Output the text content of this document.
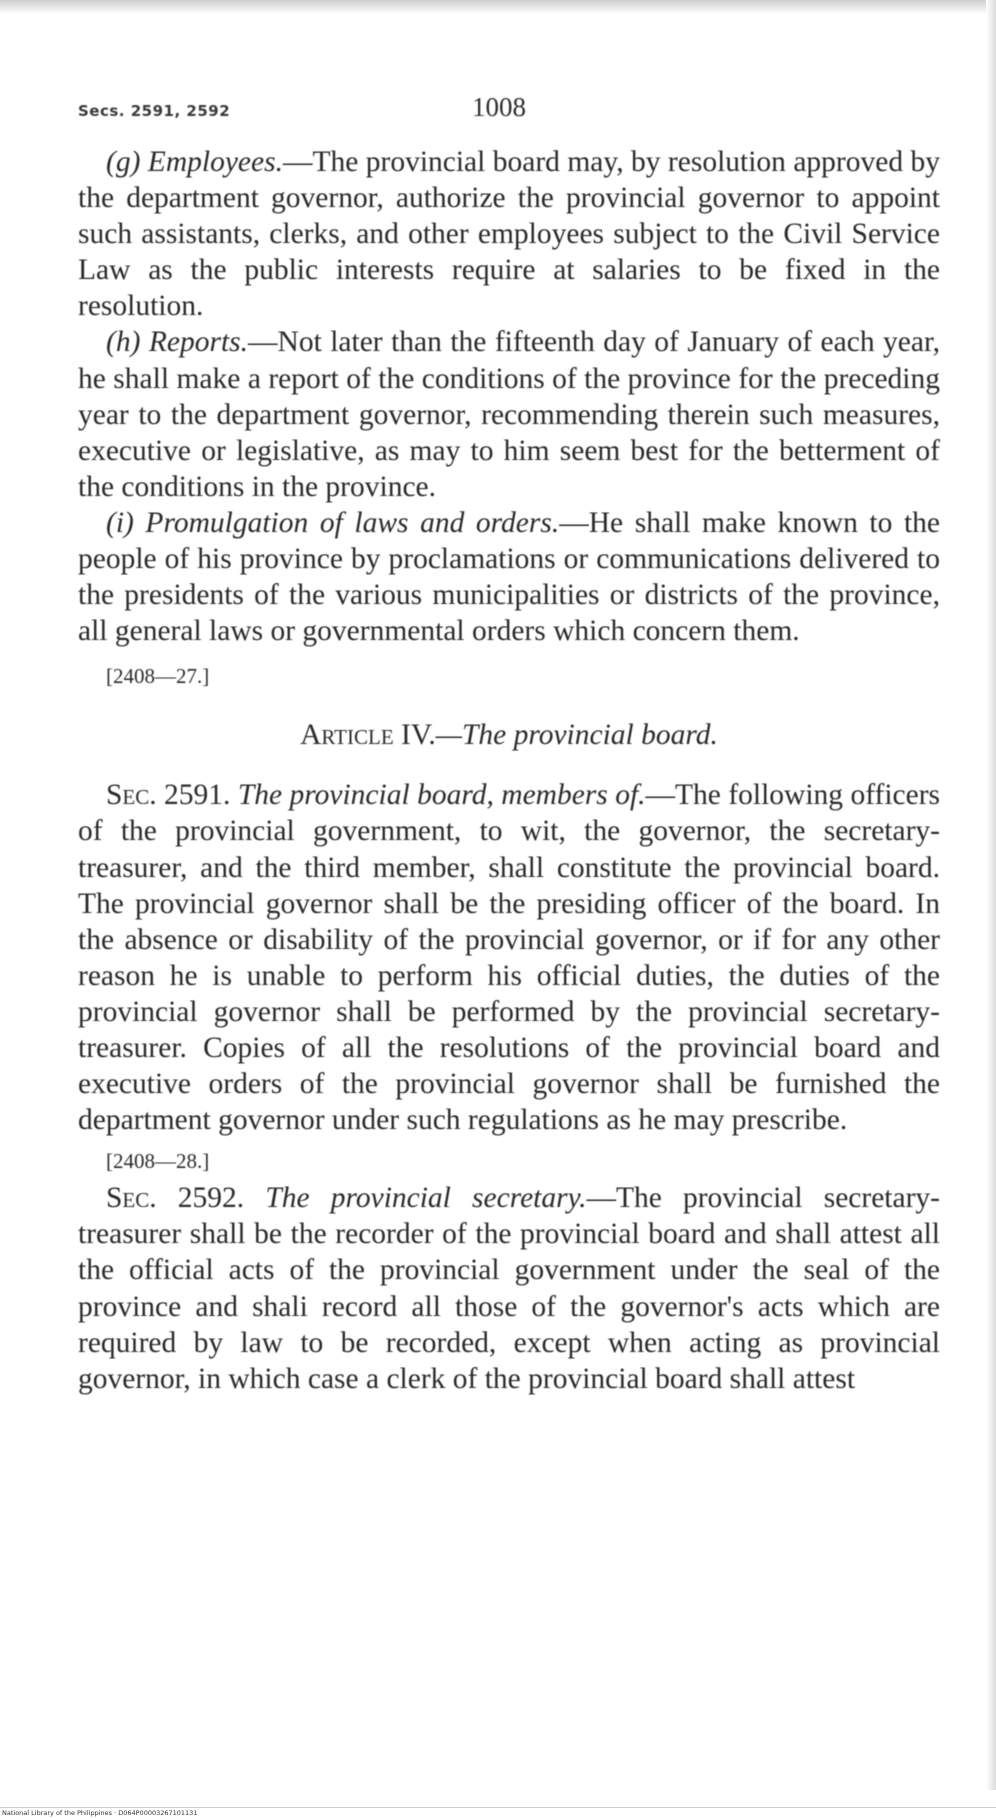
Secs. 2591, 2592	1008

(g) Employees.—The provincial board may, by resolution approved by the department governor, authorize the provincial governor to appoint such assistants, clerks, and other employees subject to the Civil Service Law as the public interests require at salaries to be fixed in the resolution.

(h) Reports.—Not later than the fifteenth day of January of each year, he shall make a report of the conditions of the province for the preceding year to the department governor, recommending therein such measures, executive or legislative, as may to him seem best for the betterment of the conditions in the province.

(i) Promulgation of laws and orders.—He shall make known to the people of his province by proclamations or communications delivered to the presidents of the various municipalities or districts of the province, all general laws or governmental orders which concern them.

[2408—27.]
Article IV.—The provincial board.

Sec. 2591. The provincial board, members of.—The following officers of the provincial government, to wit, the governor, the secretary-treasurer, and the third member, shall constitute the provincial board. The provincial governor shall be the presiding officer of the board. In the absence or disability of the provincial governor, or if for any other reason he is unable to perform his official duties, the duties of the provincial governor shall be performed by the provincial secretary-treasurer. Copies of all the resolutions of the provincial board and executive orders of the provincial governor shall be furnished the department governor under such regulations as he may prescribe.

[2408—28.]

Sec. 2592. The provincial secretary.—The provincial secretary-treasurer shall be the recorder of the provincial board and shall attest all the official acts of the provincial government under the seal of the province and shali record all those of the governor's acts which are required by law to be recorded, except when acting as provincial governor, in which case a clerk of the provincial board shall attest

National Library of the Philippines · D064P00003267101131
